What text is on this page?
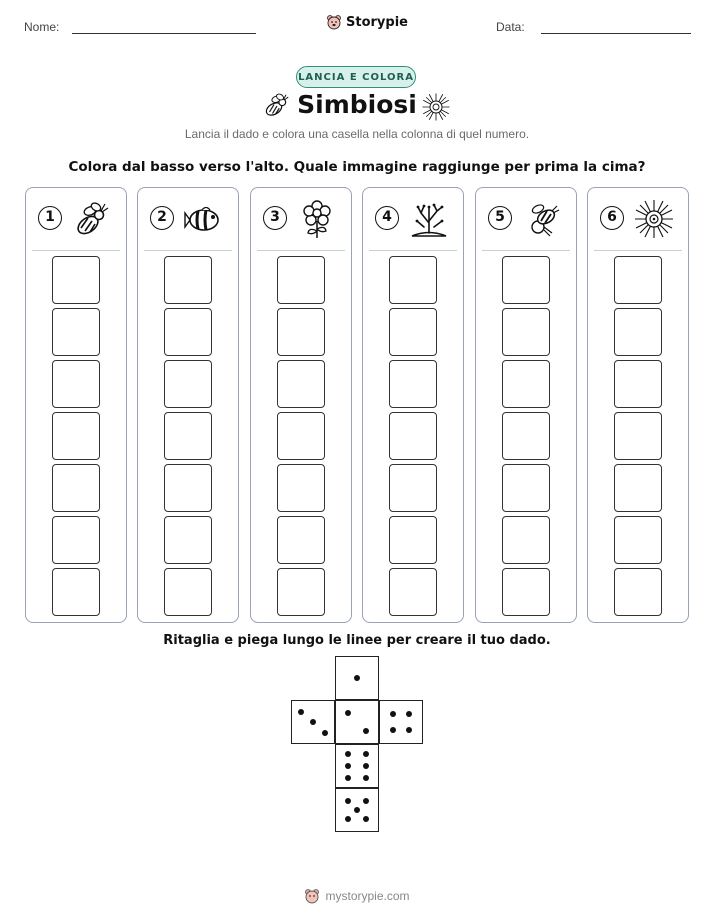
Nome:	Storypie	Data:
LANCIA E COLORA
Simbiosi
Lancia il dado e colora una casella nella colonna di quel numero.
Colora dal basso verso l'alto. Quale immagine raggiunge per prima la cima?
1	2	3	4	5	6
Ritaglia e piega lungo le linee per creare il tuo dado.
mystorypie.com
